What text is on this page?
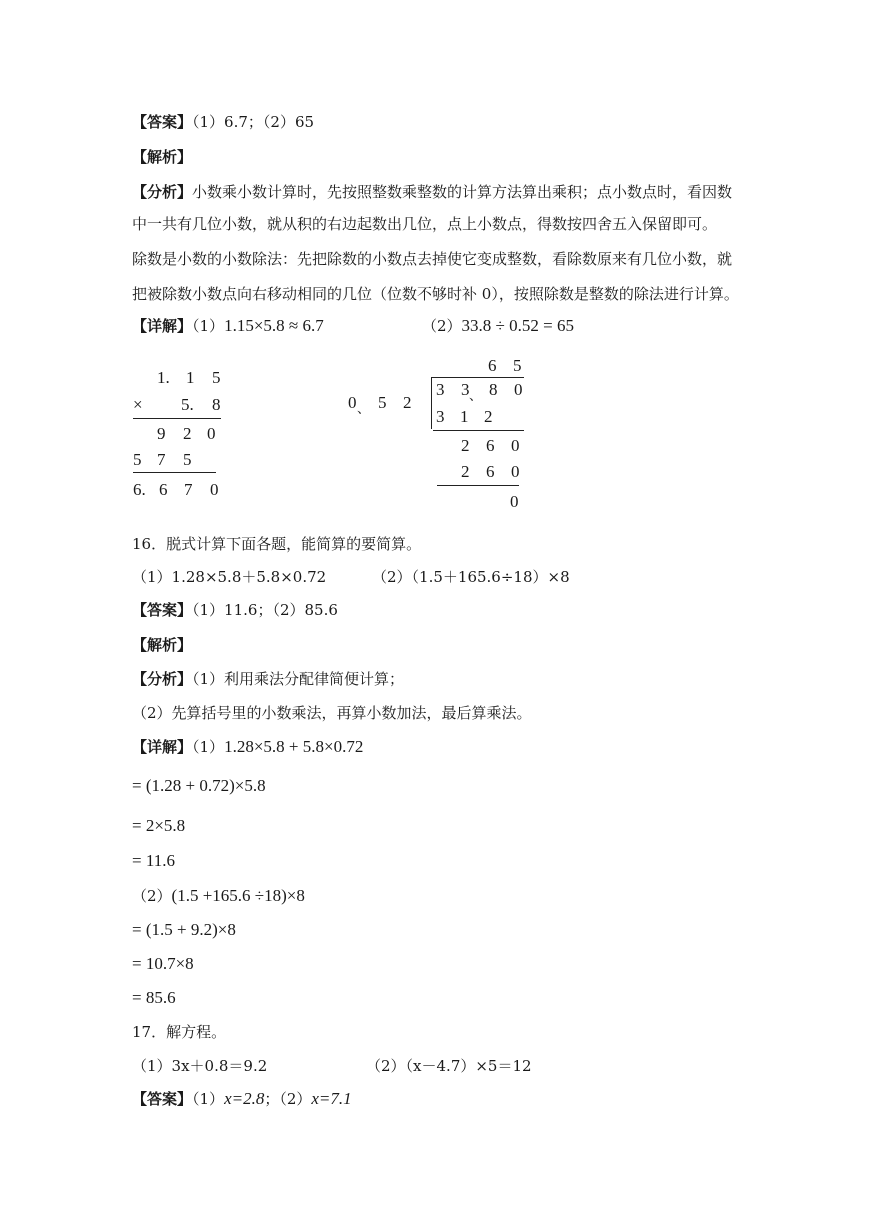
【答案】（1）6.7；（2）65
【解析】
【分析】小数乘小数计算时，先按照整数乘整数的计算方法算出乘积；点小数点时，看因数
中一共有几位小数，就从积的右边起数出几位，点上小数点，得数按四舍五入保留即可。
除数是小数的小数除法：先把除数的小数点去掉使它变成整数，看除数原来有几位小数，就
把被除数小数点向右移动相同的几位（位数不够时补 0），按照除数是整数的除法进行计算。
【详解】（1）1.15×5.8 ≈ 6.7	（2）33.8 ÷ 0.52 = 65
1. 1 5
× 5. 8
9 2 0
5 7 5
6. 6 7 0
6 5
0 、 5 2
3 3 、 8 0
3 1 2
2 6 0
2 6 0
0
16．脱式计算下面各题，能简算的要简算。
（1）1.28×5.8＋5.8×0.72	（2）（1.5＋165.6÷18）×8
【答案】（1）11.6；（2）85.6
【解析】
【分析】（1）利用乘法分配律简便计算；
（2）先算括号里的小数乘法，再算小数加法，最后算乘法。
【详解】（1）1.28×5.8 + 5.8×0.72
= (1.28 + 0.72)×5.8
= 2×5.8
= 11.6
（2）(1.5 +165.6 ÷18)×8
= (1.5 + 9.2)×8
= 10.7×8
= 85.6
17．解方程。
（1）3x＋0.8＝9.2	（2）（x－4.7）×5＝12
【答案】（1）x=2.8；（2）x=7.1
